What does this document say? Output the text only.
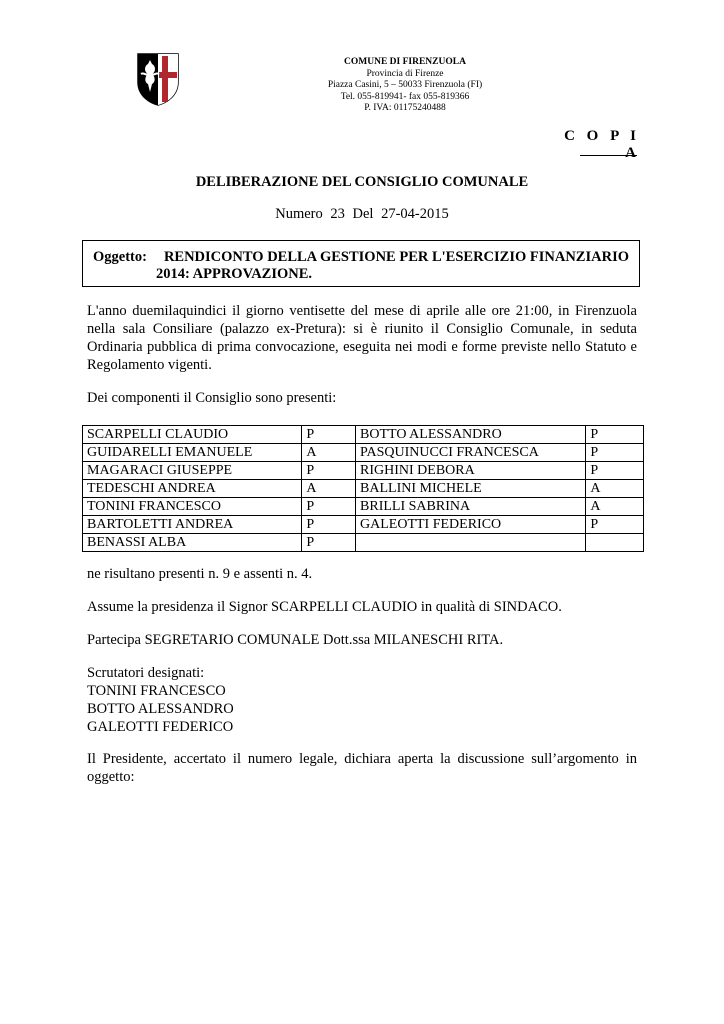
COMUNE DI FIRENZUOLA
Provincia di Firenze
Piazza Casini, 5 – 50033 Firenzuola (FI)
Tel. 055-819941- fax 055-819366
P. IVA: 01175240488
C O P I A
DELIBERAZIONE DEL CONSIGLIO COMUNALE
Numero 23 Del 27-04-2015
Oggetto: RENDICONTO DELLA GESTIONE PER L'ESERCIZIO FINANZIARIO
2014: APPROVAZIONE.
L'anno duemilaquindici il giorno ventisette del mese di aprile alle ore 21:00, in Firenzuola
nella sala Consiliare (palazzo ex-Pretura): si è riunito il Consiglio Comunale, in seduta
Ordinaria pubblica di prima convocazione, eseguita nei modi e forme previste nello Statuto e
Regolamento vigenti.
Dei componenti il Consiglio sono presenti:
SCARPELLI CLAUDIO	P	BOTTO ALESSANDRO	P
GUIDARELLI EMANUELE	A	PASQUINUCCI FRANCESCA	P
MAGARACI GIUSEPPE	P	RIGHINI DEBORA	P
TEDESCHI ANDREA	A	BALLINI MICHELE	A
TONINI FRANCESCO	P	BRILLI SABRINA	A
BARTOLETTI ANDREA	P	GALEOTTI FEDERICO	P
BENASSI ALBA	P		
ne risultano presenti n. 9 e assenti n. 4.
Assume la presidenza il Signor SCARPELLI CLAUDIO in qualità di SINDACO.
Partecipa SEGRETARIO COMUNALE Dott.ssa MILANESCHI RITA.
Scrutatori designati:
TONINI FRANCESCO
BOTTO ALESSANDRO
GALEOTTI FEDERICO
Il Presidente, accertato il numero legale, dichiara aperta la discussione sull’argomento in
oggetto:
